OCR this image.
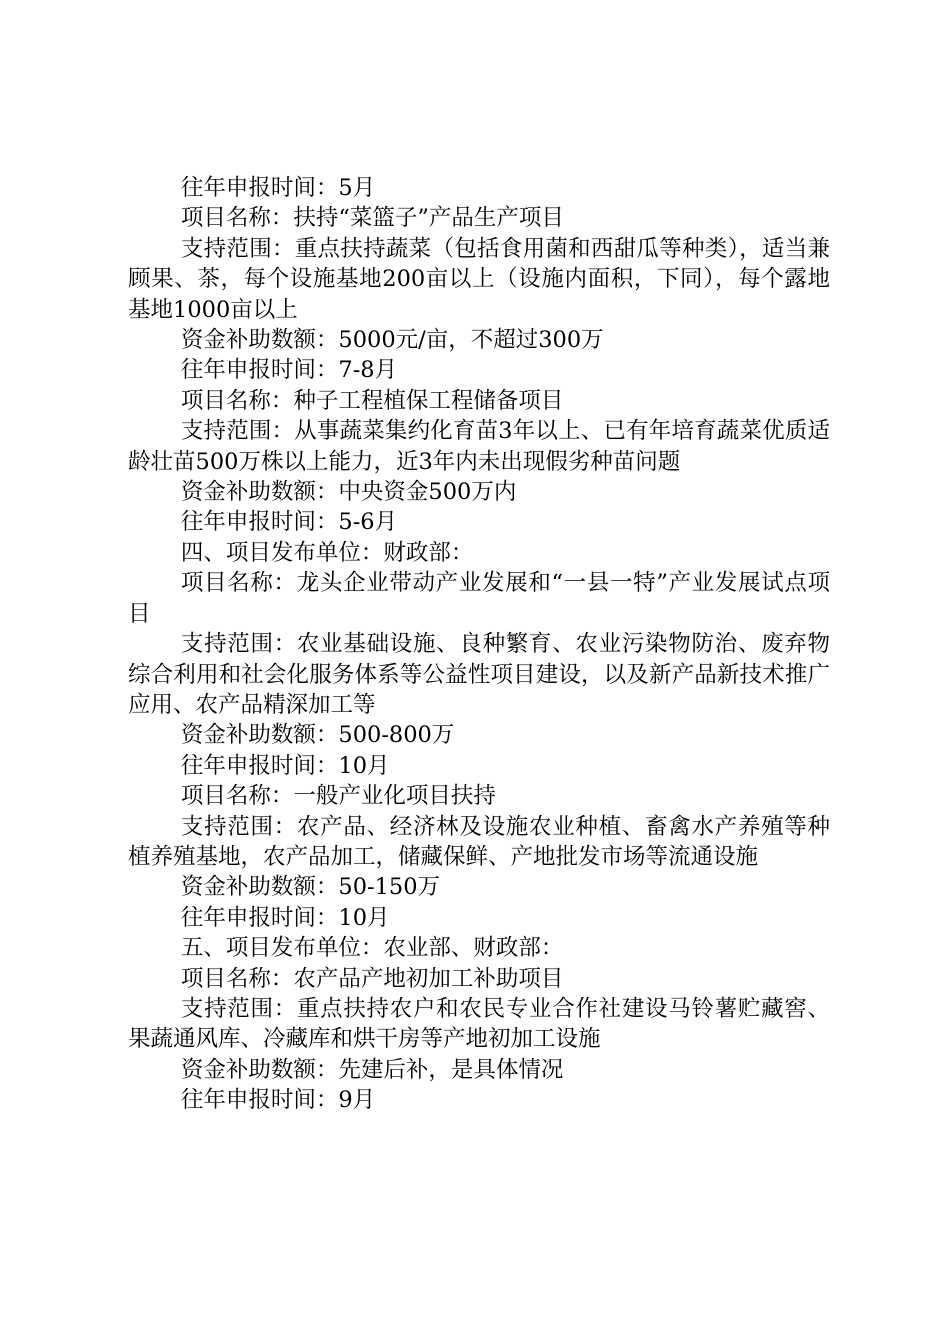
往年申报时间：5月

项目名称：扶持“菜篮子”产品生产项目

支持范围：重点扶持蔬菜（包括食用菌和西甜瓜等种类），适当兼顾果、茶，每个设施基地200亩以上（设施内面积，下同），每个露地基地1000亩以上

资金补助数额：5000元/亩，不超过300万

往年申报时间：7-8月

项目名称：种子工程植保工程储备项目

支持范围：从事蔬菜集约化育苗3年以上、已有年培育蔬菜优质适龄壮苗500万株以上能力，近3年内未出现假劣种苗问题

资金补助数额：中央资金500万内

往年申报时间：5-6月

四、项目发布单位：财政部：

项目名称：龙头企业带动产业发展和“一县一特”产业发展试点项目

支持范围：农业基础设施、良种繁育、农业污染物防治、废弃物综合利用和社会化服务体系等公益性项目建设，以及新产品新技术推广应用、农产品精深加工等

资金补助数额：500-800万

往年申报时间：10月

项目名称：一般产业化项目扶持

支持范围：农产品、经济林及设施农业种植、畜禽水产养殖等种植养殖基地，农产品加工，储藏保鲜、产地批发市场等流通设施

资金补助数额：50-150万

往年申报时间：10月

五、项目发布单位：农业部、财政部：

项目名称：农产品产地初加工补助项目

支持范围：重点扶持农户和农民专业合作社建设马铃薯贮藏窖、果蔬通风库、冷藏库和烘干房等产地初加工设施

资金补助数额：先建后补，是具体情况

往年申报时间：9月
